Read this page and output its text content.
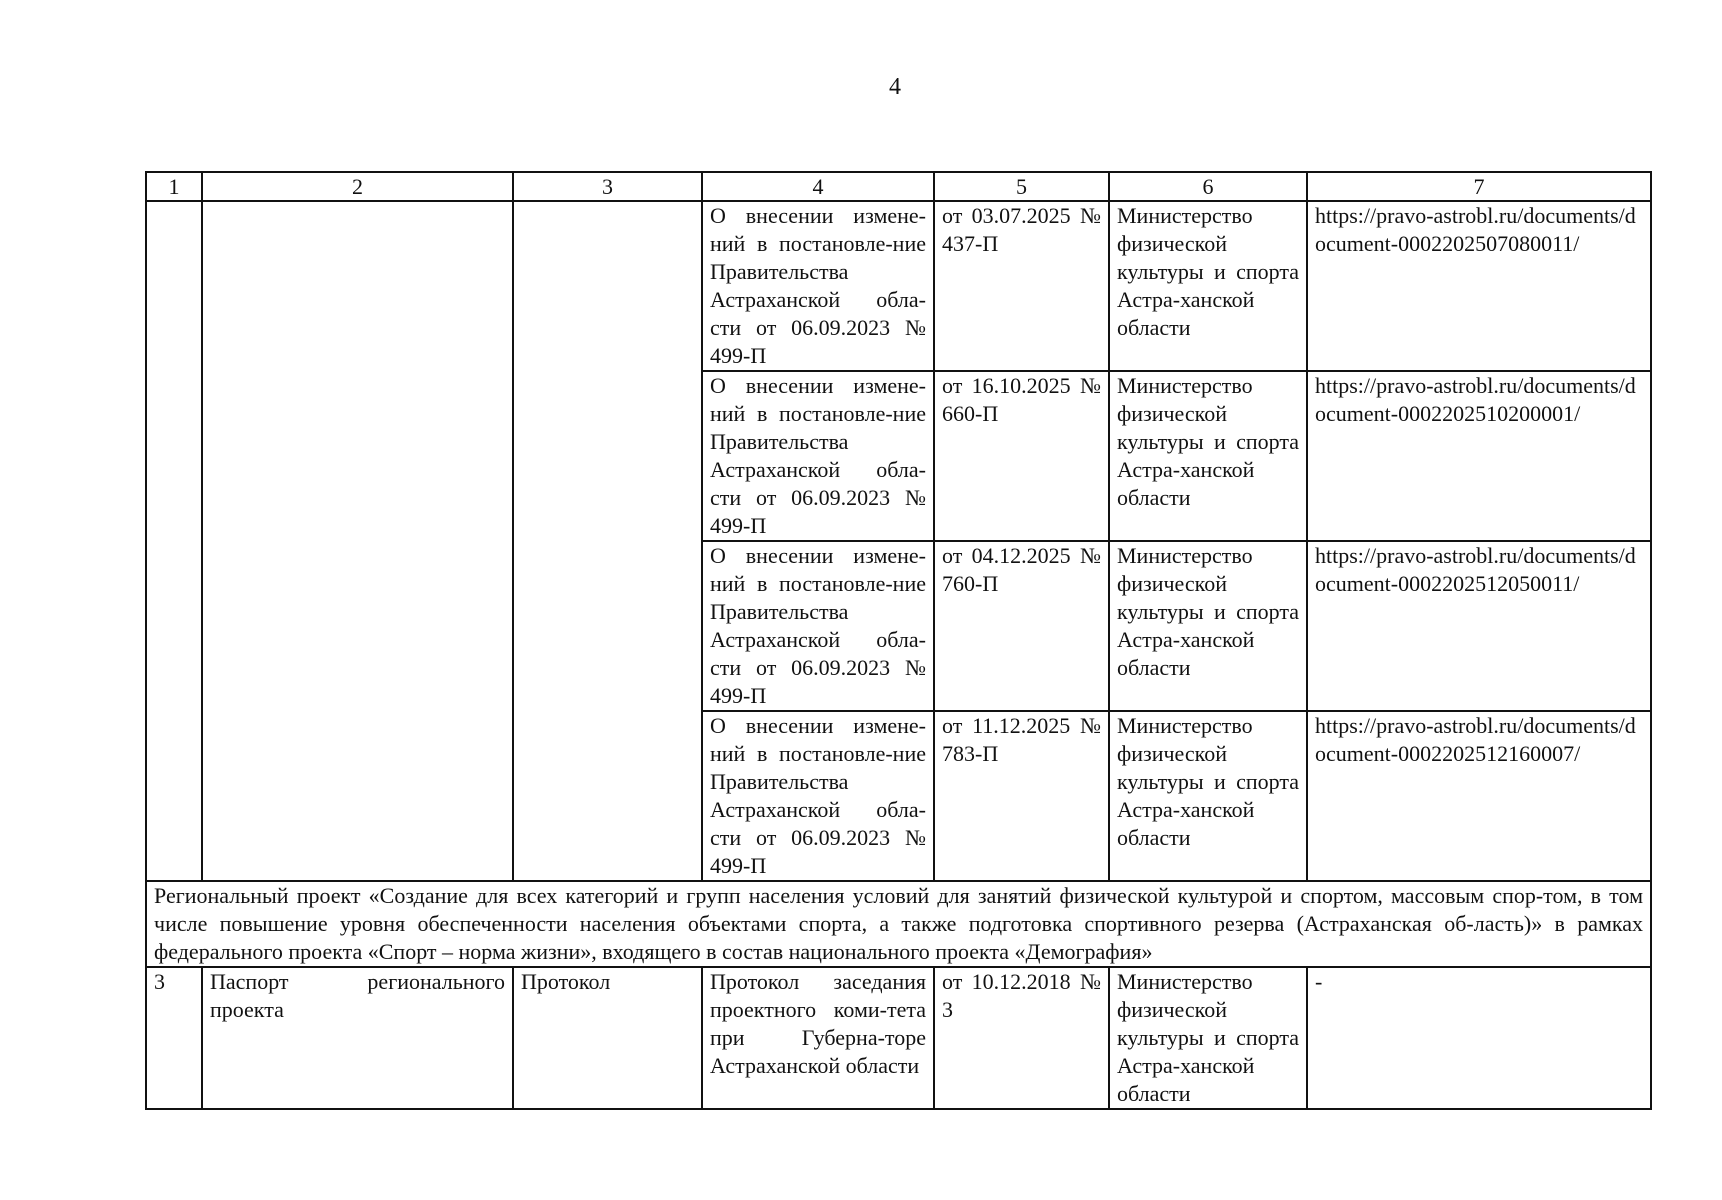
4
1	2	3	4	5	6	7
			О внесении измене-ний в постановле-ние Правительства Астраханской обла-сти от 06.09.2023 № 499-П	от 03.07.2025 № 437-П	Министерство физической культуры и спорта Астра-ханской области	https://pravo-astrobl.ru/documents/document-0002202507080011/
			О внесении измене-ний в постановле-ние Правительства Астраханской обла-сти от 06.09.2023 № 499-П	от 16.10.2025 № 660-П	Министерство физической культуры и спорта Астра-ханской области	https://pravo-astrobl.ru/documents/document-0002202510200001/
			О внесении измене-ний в постановле-ние Правительства Астраханской обла-сти от 06.09.2023 № 499-П	от 04.12.2025 № 760-П	Министерство физической культуры и спорта Астра-ханской области	https://pravo-astrobl.ru/documents/document-0002202512050011/
			О внесении измене-ний в постановле-ние Правительства Астраханской обла-сти от 06.09.2023 № 499-П	от 11.12.2025 № 783-П	Министерство физической культуры и спорта Астра-ханской области	https://pravo-astrobl.ru/documents/document-0002202512160007/
Региональный проект «Создание для всех категорий и групп населения условий для занятий физической культурой и спортом, массовым спор-том, в том числе повышение уровня обеспеченности населения объектами спорта, а также подготовка спортивного резерва (Астраханская об-ласть)» в рамках федерального проекта «Спорт – норма жизни», входящего в состав национального проекта «Демография»						
3	Паспорт регионального проекта	Протокол	Протокол заседания проектного коми-тета при Губерна-торе Астраханской области	от 10.12.2018 № 3	Министерство физической культуры и спорта Астра-ханской области	-
